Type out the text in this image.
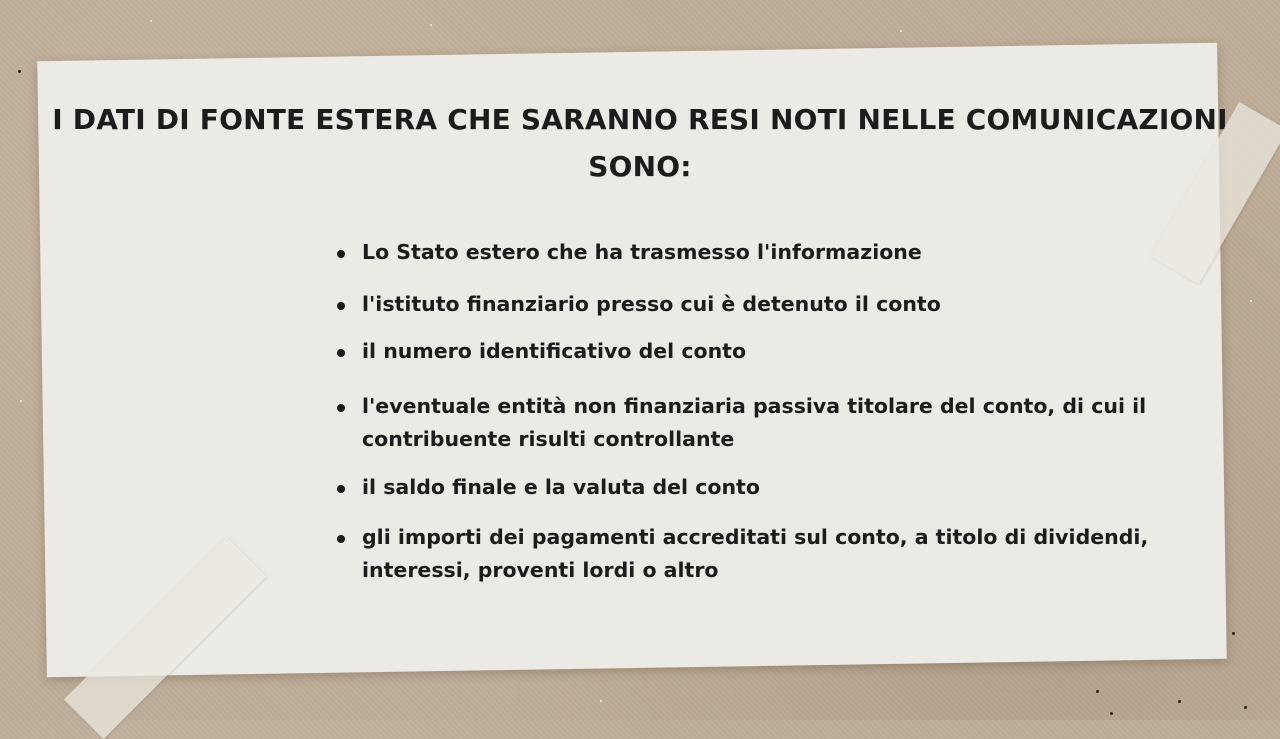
I DATI DI FONTE ESTERA CHE SARANNO RESI NOTI NELLE COMUNICAZIONI SONO:
Lo Stato estero che ha trasmesso l'informazione
l'istituto finanziario presso cui è detenuto il conto
il numero identificativo del conto
l'eventuale entità non finanziaria passiva titolare del conto, di cui il contribuente risulti controllante
il saldo finale e la valuta del conto
gli importi dei pagamenti accreditati sul conto, a titolo di dividendi, interessi, proventi lordi o altro
